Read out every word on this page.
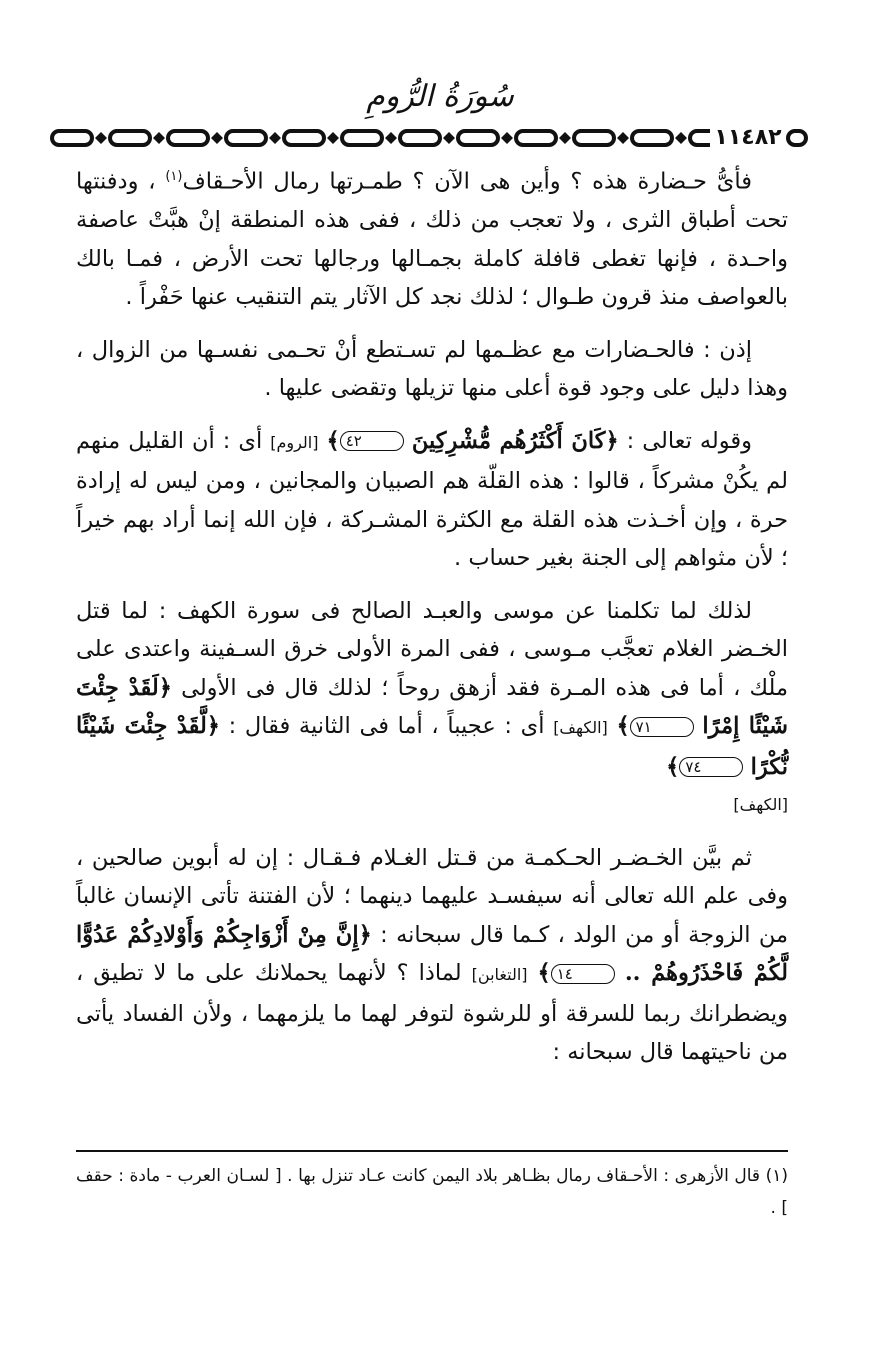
سُورَةُ الرُّومِ
١١٤٨٢

فأىُّ حـضارة هذه ؟ وأين هى الآن ؟ طمـرتها رمال الأحـقاف$^{(١)}$ ، ودفنتها تحت أطباق الثرى ، ولا تعجب من ذلك ، ففى هذه المنطقة إنْ هبَّتْ عاصفة واحـدة ، فإنها تغطى قافلة كاملة بجمـالها ورجالها تحت الأرض ، فمـا بالك بالعواصف منذ قرون طـوال ؛ لذلك نجد كل الآثار يتم التنقيب عنها حَفْراً .

إذن : فالحـضارات مع عظـمها لم تسـتطع أنْ تحـمى نفسـها من الزوال ، وهذا دليل على وجود قوة أعلى منها تزيلها وتقضى عليها .

وقوله تعالى : ﴿كَانَ أَكْثَرُهُم مُّشْرِكِينَ ٤٢﴾ [الروم] أى : أن القليل منهم لم يكُنْ مشركاً ، قالوا : هذه القلّة هم الصبيان والمجانين ، ومن ليس له إرادة حرة ، وإن أخـذت هذه القلة مع الكثرة المشـركة ، فإن الله إنما أراد بهم خيراً ؛ لأن مثواهم إلى الجنة بغير حساب .

لذلك لما تكلمنا عن موسى والعبـد الصالح فى سورة الكهف : لما قتل الخـضر الغلام تعجَّب مـوسى ، ففى المرة الأولى خرق السـفينة واعتدى على ملْك ، أما فى هذه المـرة فقد أزهق روحاً ؛ لذلك قال فى الأولى ﴿لَقَدْ جِئْتَ شَيْئًا إِمْرًا ٧١﴾ [الكهف] أى : عجيباً ، أما فى الثانية فقال : ﴿لَّقَدْ جِئْتَ شَيْئًا نُّكْرًا ٧٤﴾
[الكهف]

ثم بيَّن الخـضـر الحـكمـة من قـتل الغـلام فـقـال : إن له أبوين صالحين ، وفى علم الله تعالى أنه سيفسـد عليهما دينهما ؛ لأن الفتنة تأتى الإنسان غالباً من الزوجة أو من الولد ، كـما قال سبحانه : ﴿إِنَّ مِنْ أَزْوَاجِكُمْ وَأَوْلادِكُمْ عَدُوًّا لَّكُمْ فَاحْذَرُوهُمْ .. ١٤﴾ [التغابن] لماذا ؟ لأنهما يحملانك على ما لا تطيق ، ويضطرانك ربما للسرقة أو للرشوة لتوفر لهما ما يلزمهما ، ولأن الفساد يأتى من ناحيتهما قال سبحانه :

(١) قال الأزهرى : الأحـقاف رمال بظـاهر بلاد اليمن كانت عـاد تنزل بها . [ لسـان العرب - مادة : حقف ] .
